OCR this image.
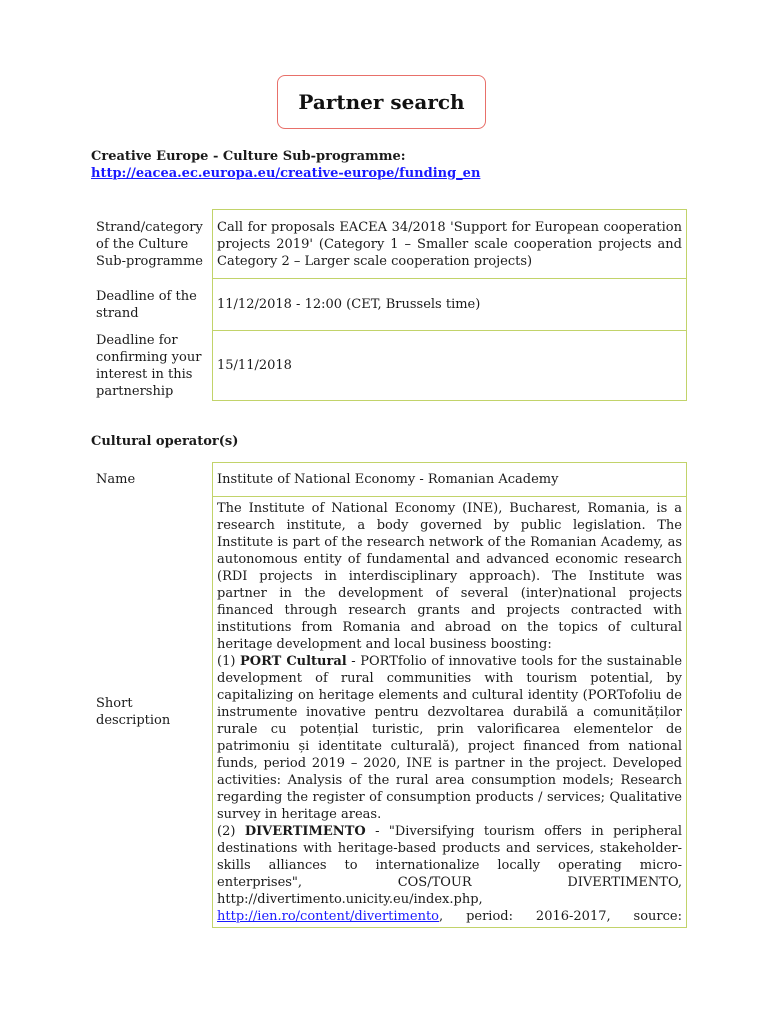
Partner search
Creative Europe - Culture Sub-programme:
http://eacea.ec.europa.eu/creative-europe/funding_en
Strand/category of the Culture Sub-programme	Call for proposals EACEA 34/2018 'Support for European cooperation projects 2019' (Category 1 – Smaller scale cooperation projects and Category 2 – Larger scale cooperation projects)
Deadline of the strand	11/12/2018 - 12:00 (CET, Brussels time)
Deadline for confirming your interest in this partnership	15/11/2018
Cultural operator(s)
Name	Institute of National Economy - Romanian Academy
Short description	The Institute of National Economy (INE), Bucharest, Romania, is a research institute, a body governed by public legislation. The Institute is part of the research network of the Romanian Academy, as autonomous entity of fundamental and advanced economic research (RDI projects in interdisciplinary approach). The Institute was partner in the development of several (inter)national projects financed through research grants and projects contracted with institutions from Romania and abroad on the topics of cultural heritage development and local business boosting:

(1) PORT Cultural - PORTfolio of innovative tools for the sustainable development of rural communities with tourism potential, by capitalizing on heritage elements and cultural identity (PORTofoliu de instrumente inovative pentru dezvoltarea durabilă a comunităților rurale cu potențial turistic, prin valorificarea elementelor de patrimoniu și identitate culturală), project financed from national funds, period 2019 – 2020, INE is partner in the project. Developed activities: Analysis of the rural area consumption models; Research regarding the register of consumption products / services; Qualitative survey in heritage areas.

(2) DIVERTIMENTO - "Diversifying tourism offers in peripheral destinations with heritage-based products and services, stakeholder-skills alliances to internationalize locally operating micro-enterprises", COS/TOUR DIVERTIMENTO, http://divertimento.unicity.eu/index.php, http://ien.ro/content/divertimento, period: 2016-2017, source:
